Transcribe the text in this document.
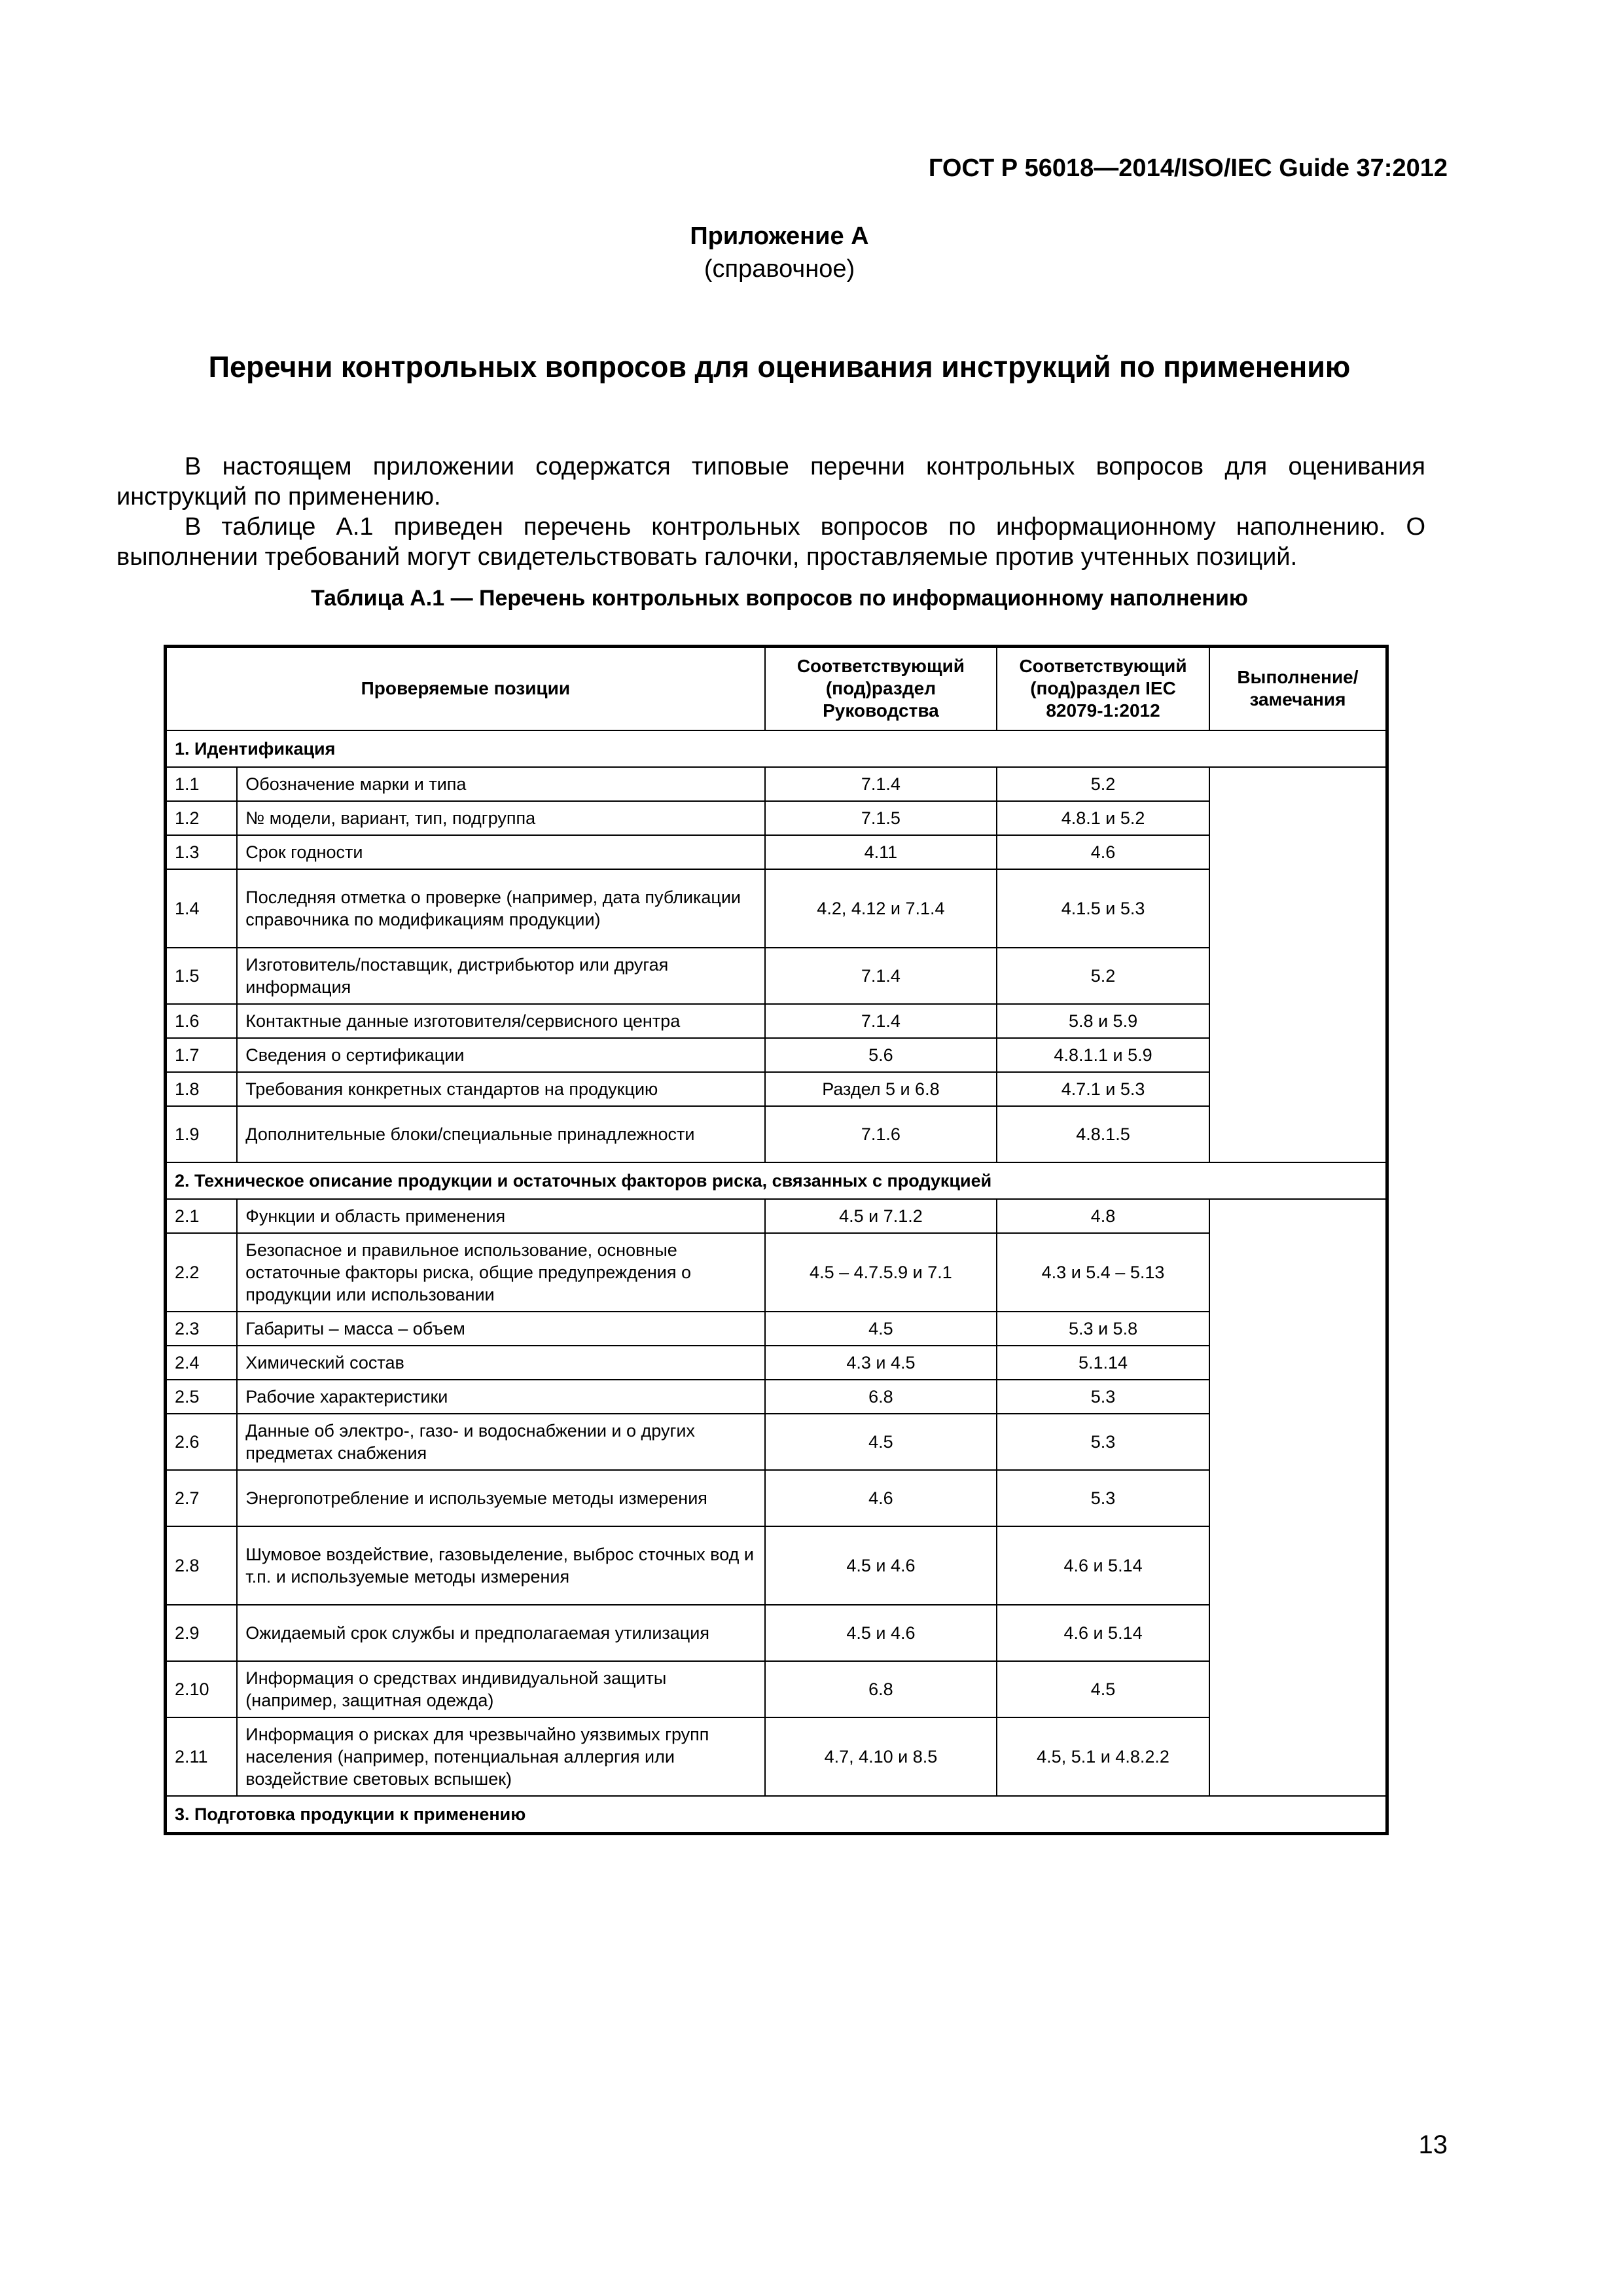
ГОСТ Р 56018—2014/ISO/IEC Guide 37:2012
Приложение А
(справочное)
Перечни контрольных вопросов для оценивания инструкций по применению

В настоящем приложении содержатся типовые перечни контрольных вопросов для оценивания инструкций по применению.

В таблице А.1 приведен перечень контрольных вопросов по информационному наполнению. О выполнении требований могут свидетельствовать галочки, проставляемые против учтенных позиций.

Таблица А.1 — Перечень контрольных вопросов по информационному наполнению
Проверяемые позиции		Соответствующий (под)раздел Руководства	Соответствующий (под)раздел IEC 82079-1:2012	Выполнение/ замечания
1. Идентификация				
1.1	Обозначение марки и типа	7.1.4	5.2	
1.2	№ модели, вариант, тип, подгруппа	7.1.5	4.8.1 и 5.2	
1.3	Срок годности	4.11	4.6	
1.4	Последняя отметка о проверке (например, дата публикации справочника по модификациям продукции)	4.2, 4.12 и 7.1.4	4.1.5 и 5.3	
1.5	Изготовитель/поставщик, дистрибьютор или другая информация	7.1.4	5.2	
1.6	Контактные данные изготовителя/сервисного центра	7.1.4	5.8 и 5.9	
1.7	Сведения о сертификации	5.6	4.8.1.1 и 5.9	
1.8	Требования конкретных стандартов на продукцию	Раздел 5 и 6.8	4.7.1 и 5.3	
1.9	Дополнительные блоки/специальные принадлежности	7.1.6	4.8.1.5	
2. Техническое описание продукции и остаточных факторов риска, связанных с продукцией				
2.1	Функции и область применения	4.5 и 7.1.2	4.8	
2.2	Безопасное и правильное использование, основные остаточные факторы риска, общие предупреждения о продукции или использовании	4.5 – 4.7.5.9 и 7.1	4.3 и 5.4 – 5.13	
2.3	Габариты – масса – объем	4.5	5.3 и 5.8	
2.4	Химический состав	4.3 и 4.5	5.1.14	
2.5	Рабочие характеристики	6.8	5.3	
2.6	Данные об электро-, газо- и водоснабжении и о других предметах снабжения	4.5	5.3	
2.7	Энергопотребление и используемые методы измерения	4.6	5.3	
2.8	Шумовое воздействие, газовыделение, выброс сточных вод и т.п. и используемые методы измерения	4.5 и 4.6	4.6 и 5.14	
2.9	Ожидаемый срок службы и предполагаемая утилизация	4.5 и 4.6	4.6 и 5.14	
2.10	Информация о средствах индивидуальной защиты (например, защитная одежда)	6.8	4.5	
2.11	Информация о рисках для чрезвычайно уязвимых групп населения (например, потенциальная аллергия или воздействие световых вспышек)	4.7, 4.10 и 8.5	4.5, 5.1 и 4.8.2.2	
3. Подготовка продукции к применению				
13
